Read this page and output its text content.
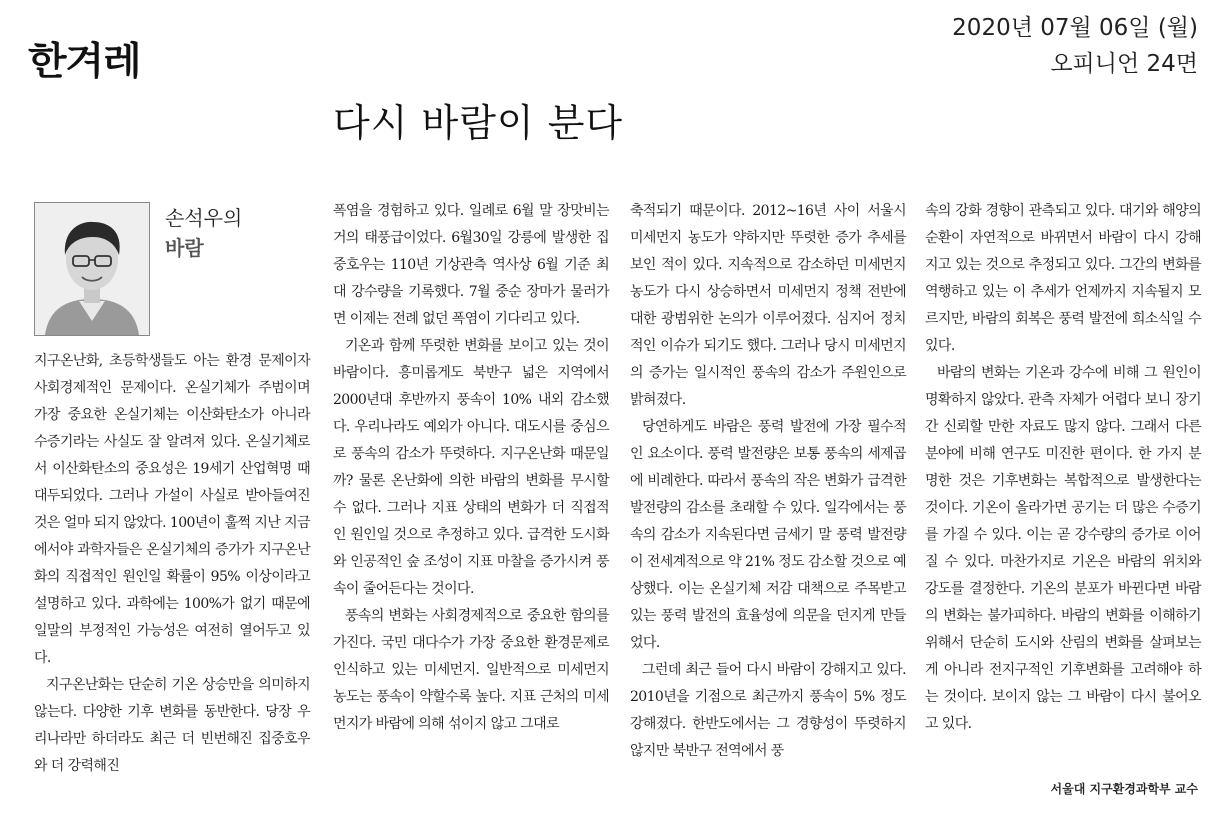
한겨레
2020년 07월 06일 (월)
오피니언 24면
다시 바람이 분다
손석우의
바람

지구온난화, 초등학생들도 아는 환경 문제이자 사회경제적인 문제이다. 온실기체가 주범이며 가장 중요한 온실기체는 이산화탄소가 아니라 수증기라는 사실도 잘 알려져 있다. 온실기체로서 이산화탄소의 중요성은 19세기 산업혁명 때 대두되었다. 그러나 가설이 사실로 받아들여진 것은 얼마 되지 않았다. 100년이 훌쩍 지난 지금에서야 과학자들은 온실기체의 증가가 지구온난화의 직접적인 원인일 확률이 95% 이상이라고 설명하고 있다. 과학에는 100%가 없기 때문에 일말의 부정적인 가능성은 여전히 열어두고 있다.

지구온난화는 단순히 기온 상승만을 의미하지 않는다. 다양한 기후 변화를 동반한다. 당장 우리나라만 하더라도 최근 더 빈번해진 집중호우와 더 강력해진

폭염을 경험하고 있다. 일례로 6월 말 장맛비는 거의 태풍급이었다. 6월30일 강릉에 발생한 집중호우는 110년 기상관측 역사상 6월 기준 최대 강수량을 기록했다. 7월 중순 장마가 물러가면 이제는 전례 없던 폭염이 기다리고 있다.

기온과 함께 뚜렷한 변화를 보이고 있는 것이 바람이다. 흥미롭게도 북반구 넓은 지역에서 2000년대 후반까지 풍속이 10% 내외 감소했다. 우리나라도 예외가 아니다. 대도시를 중심으로 풍속의 감소가 뚜렷하다. 지구온난화 때문일까? 물론 온난화에 의한 바람의 변화를 무시할 수 없다. 그러나 지표 상태의 변화가 더 직접적인 원인일 것으로 추정하고 있다. 급격한 도시화와 인공적인 숲 조성이 지표 마찰을 증가시켜 풍속이 줄어든다는 것이다.

풍속의 변화는 사회경제적으로 중요한 함의를 가진다. 국민 대다수가 가장 중요한 환경문제로 인식하고 있는 미세먼지. 일반적으로 미세먼지 농도는 풍속이 약할수록 높다. 지표 근처의 미세먼지가 바람에 의해 섞이지 않고 그대로

축적되기 때문이다. 2012~16년 사이 서울시 미세먼지 농도가 약하지만 뚜렷한 증가 추세를 보인 적이 있다. 지속적으로 감소하던 미세먼지 농도가 다시 상승하면서 미세먼지 정책 전반에 대한 광범위한 논의가 이루어졌다. 심지어 정치적인 이슈가 되기도 했다. 그러나 당시 미세먼지의 증가는 일시적인 풍속의 감소가 주원인으로 밝혀졌다.

당연하게도 바람은 풍력 발전에 가장 필수적인 요소이다. 풍력 발전량은 보통 풍속의 세제곱에 비례한다. 따라서 풍속의 작은 변화가 급격한 발전량의 감소를 초래할 수 있다. 일각에서는 풍속의 감소가 지속된다면 금세기 말 풍력 발전량이 전세계적으로 약 21% 정도 감소할 것으로 예상했다. 이는 온실기체 저감 대책으로 주목받고 있는 풍력 발전의 효율성에 의문을 던지게 만들었다.

그런데 최근 들어 다시 바람이 강해지고 있다. 2010년을 기점으로 최근까지 풍속이 5% 정도 강해졌다. 한반도에서는 그 경향성이 뚜렷하지 않지만 북반구 전역에서 풍

속의 강화 경향이 관측되고 있다. 대기와 해양의 순환이 자연적으로 바뀌면서 바람이 다시 강해지고 있는 것으로 추정되고 있다. 그간의 변화를 역행하고 있는 이 추세가 언제까지 지속될지 모르지만, 바람의 회복은 풍력 발전에 희소식일 수 있다.

바람의 변화는 기온과 강수에 비해 그 원인이 명확하지 않았다. 관측 자체가 어렵다 보니 장기간 신뢰할 만한 자료도 많지 않다. 그래서 다른 분야에 비해 연구도 미진한 편이다. 한 가지 분명한 것은 기후변화는 복합적으로 발생한다는 것이다. 기온이 올라가면 공기는 더 많은 수증기를 가질 수 있다. 이는 곧 강수량의 증가로 이어질 수 있다. 마찬가지로 기온은 바람의 위치와 강도를 결정한다. 기온의 분포가 바뀐다면 바람의 변화는 불가피하다. 바람의 변화를 이해하기 위해서 단순히 도시와 산림의 변화를 살펴보는 게 아니라 전지구적인 기후변화를 고려해야 하는 것이다. 보이지 않는 그 바람이 다시 불어오고 있다.

서울대 지구환경과학부 교수
